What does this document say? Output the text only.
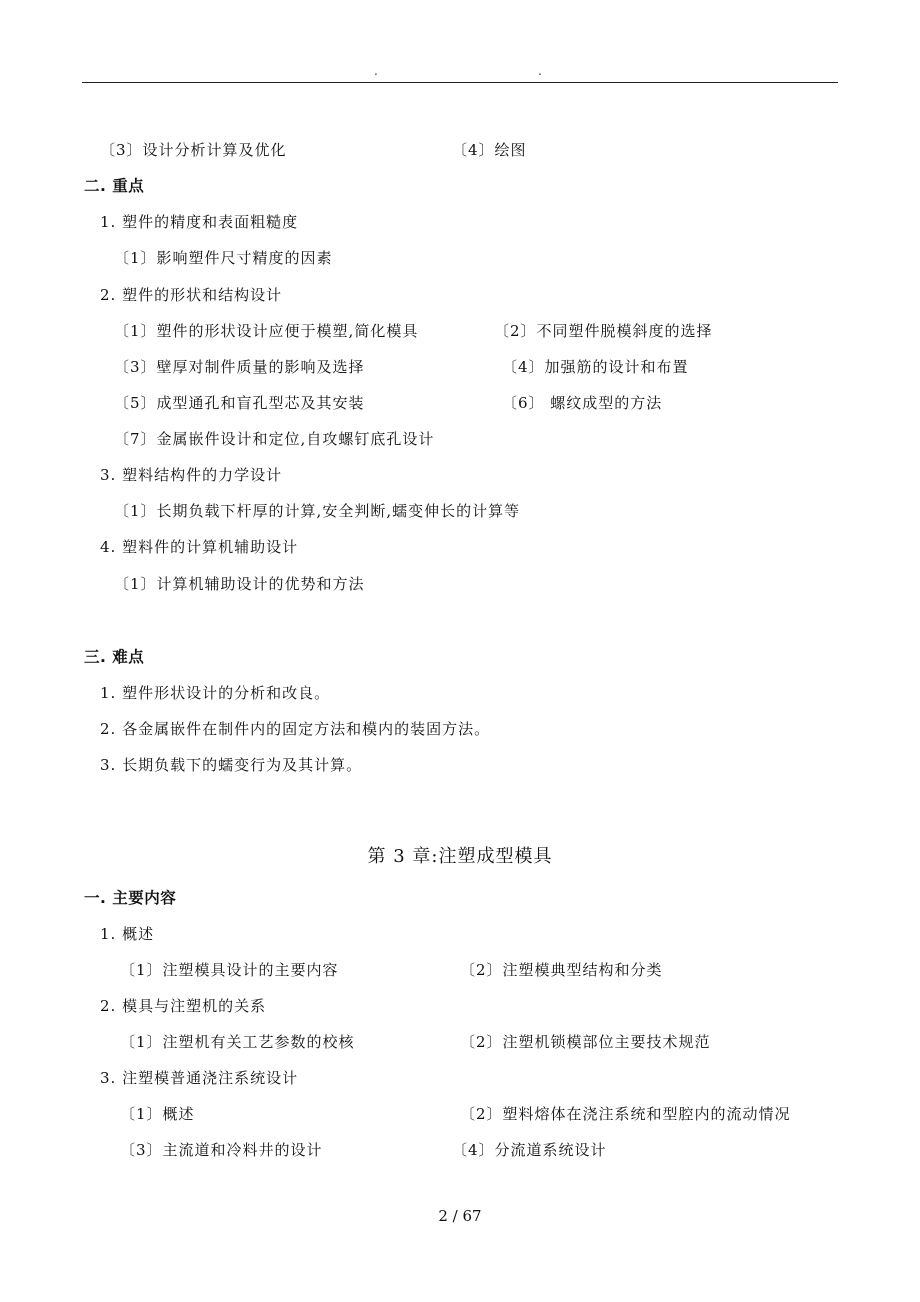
.	.
〔3〕设计分析计算及优化	〔4〕绘图
二. 重点
1. 塑件的精度和表面粗糙度
〔1〕影响塑件尺寸精度的因素
2. 塑件的形状和结构设计
〔1〕塑件的形状设计应便于模塑,简化模具	〔2〕不同塑件脱模斜度的选择
〔3〕壁厚对制件质量的影响及选择	〔4〕加强筋的设计和布置
〔5〕成型通孔和盲孔型芯及其安装	〔6〕 螺纹成型的方法
〔7〕金属嵌件设计和定位,自攻螺钉底孔设计
3. 塑料结构件的力学设计
〔1〕长期负载下杆厚的计算,安全判断,蠕变伸长的计算等
4. 塑料件的计算机辅助设计
〔1〕计算机辅助设计的优势和方法
三. 难点
1. 塑件形状设计的分析和改良。
2. 各金属嵌件在制件内的固定方法和模内的装固方法。
3. 长期负载下的蠕变行为及其计算。
第 3 章:注塑成型模具
一. 主要内容
1. 概述
〔1〕注塑模具设计的主要内容	〔2〕注塑模典型结构和分类
2. 模具与注塑机的关系
〔1〕注塑机有关工艺参数的校核	〔2〕注塑机锁模部位主要技术规范
3. 注塑模普通浇注系统设计
〔1〕概述	〔2〕塑料熔体在浇注系统和型腔内的流动情况
〔3〕主流道和冷料井的设计	〔4〕分流道系统设计
2 / 67
